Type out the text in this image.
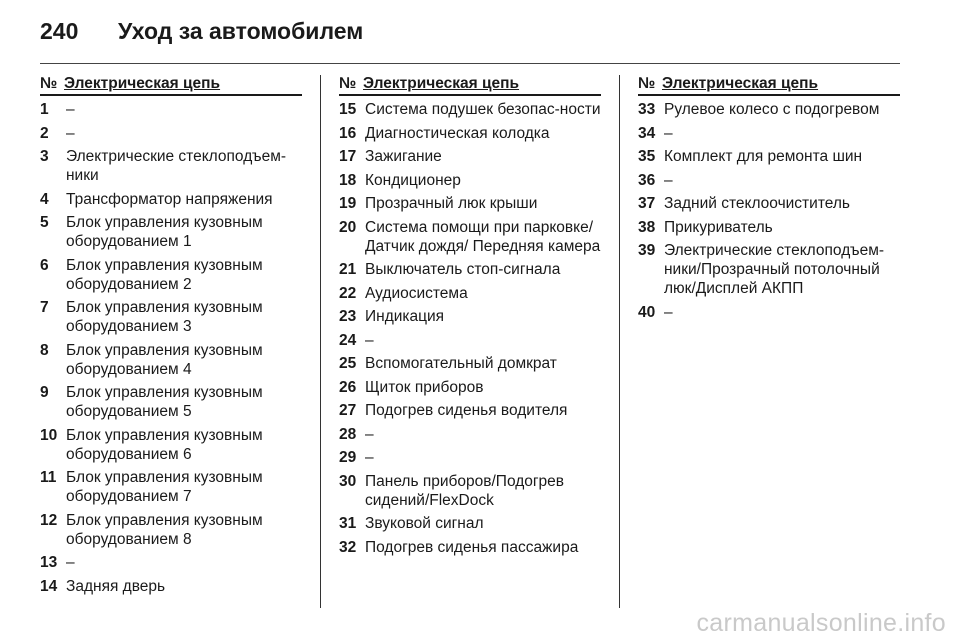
240 Уход за автомобилем
№ Электрическая цепь
1	–
2	–
3	Электрические стеклоподъем-ники
4	Трансформатор напряжения
5	Блок управления кузовным оборудованием 1
6	Блок управления кузовным оборудованием 2
7	Блок управления кузовным оборудованием 3
8	Блок управления кузовным оборудованием 4
9	Блок управления кузовным оборудованием 5
10 Блок управления кузовным оборудованием 6
11 Блок управления кузовным оборудованием 7
12 Блок управления кузовным оборудованием 8
13 –
14 Задняя дверь
№ Электрическая цепь
15 Система подушек безопас-ности
16 Диагностическая колодка
17 Зажигание
18 Кондиционер
19 Прозрачный люк крыши
20 Система помощи при парковке/Датчик дождя/ Передняя камера
21 Выключатель стоп-сигнала
22 Аудиосистема
23 Индикация
24 –
25 Вспомогательный домкрат
26 Щиток приборов
27 Подогрев сиденья водителя
28 –
29 –
30 Панель приборов/Подогрев сидений/FlexDock
31 Звуковой сигнал
32 Подогрев сиденья пассажира
№ Электрическая цепь
33 Рулевое колесо с подогревом
34 –
35 Комплект для ремонта шин
36 –
37 Задний стеклоочиститель
38 Прикуриватель
39 Электрические стеклоподъем-ники/Прозрачный потолочный люк/Дисплей АКПП
40 –
carmanualsonline.info
